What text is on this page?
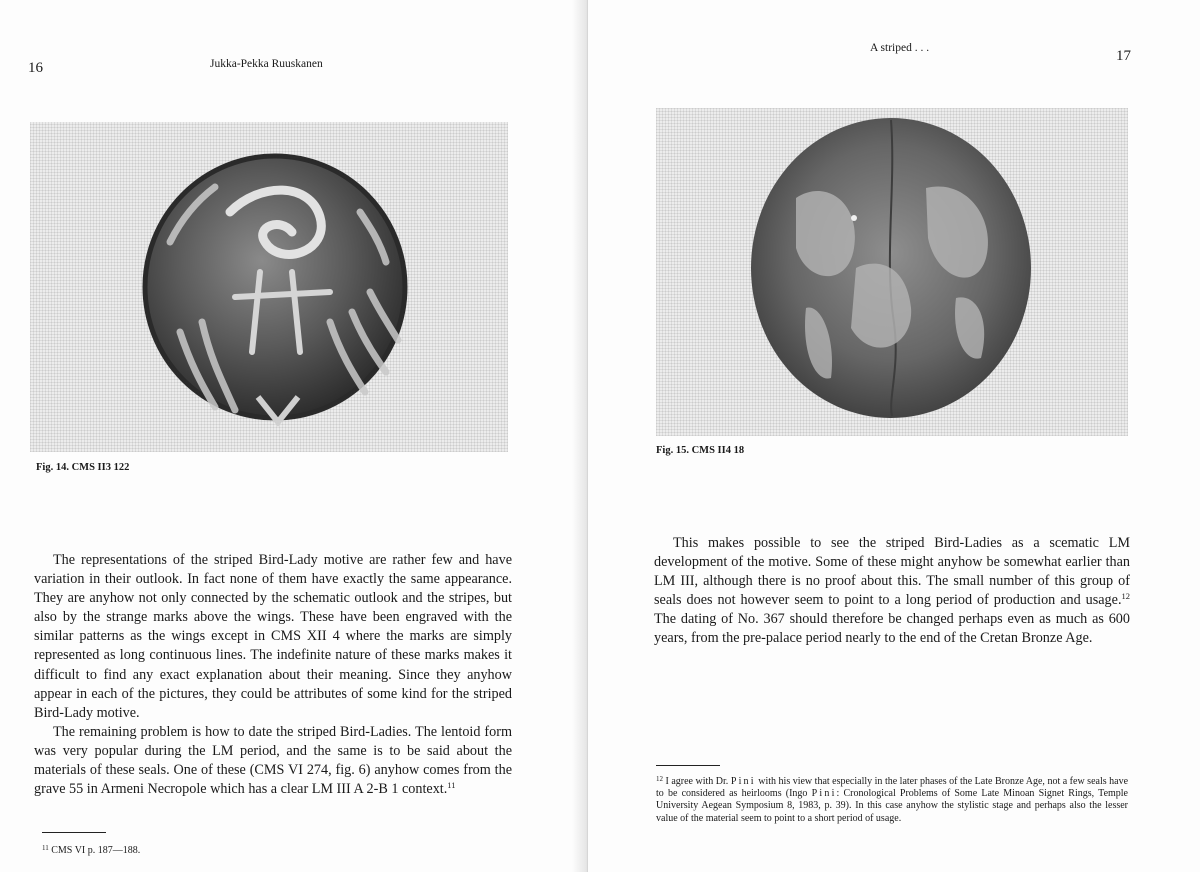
16	Jukka-Pekka Ruuskanen
Fig. 14. CMS II3 122

The representations of the striped Bird-Lady motive are rather few and have variation in their outlook. In fact none of them have exactly the same appearance. They are anyhow not only connected by the schematic outlook and the stripes, but also by the strange marks above the wings. These have been engraved with the similar patterns as the wings except in CMS XII 4 where the marks are simply represented as long continuous lines. The indefinite nature of these marks makes it difficult to find any exact explanation about their meaning. Since they anyhow appear in each of the pictures, they could be attributes of some kind for the striped Bird-Lady motive.

The remaining problem is how to date the striped Bird-Ladies. The lentoid form was very popular during the LM period, and the same is to be said about the materials of these seals. One of these (CMS VI 274, fig. 6) anyhow comes from the grave 55 in Armeni Necropole which has a clear LM III A 2-B 1 context.$^{11}$

$^{11}$ CMS VI p. 187—188.
A striped . . .	17
Fig. 15. CMS II4 18

This makes possible to see the striped Bird-Ladies as a scematic LM development of the motive. Some of these might anyhow be somewhat earlier than LM III, although there is no proof about this. The small number of this group of seals does not however seem to point to a long period of production and usage.$^{12}$ The dating of No. 367 should therefore be changed perhaps even as much as 600 years, from the pre-palace period nearly to the end of the Cretan Bronze Age.

$^{12}$ I agree with Dr. Pini with his view that especially in the later phases of the Late Bronze Age, not a few seals have to be considered as heirlooms (Ingo Pini: Cronological Problems of Some Late Minoan Signet Rings, Temple University Aegean Symposium 8, 1983, p. 39). In this case anyhow the stylistic stage and perhaps also the lesser value of the material seem to point to a short period of usage.
